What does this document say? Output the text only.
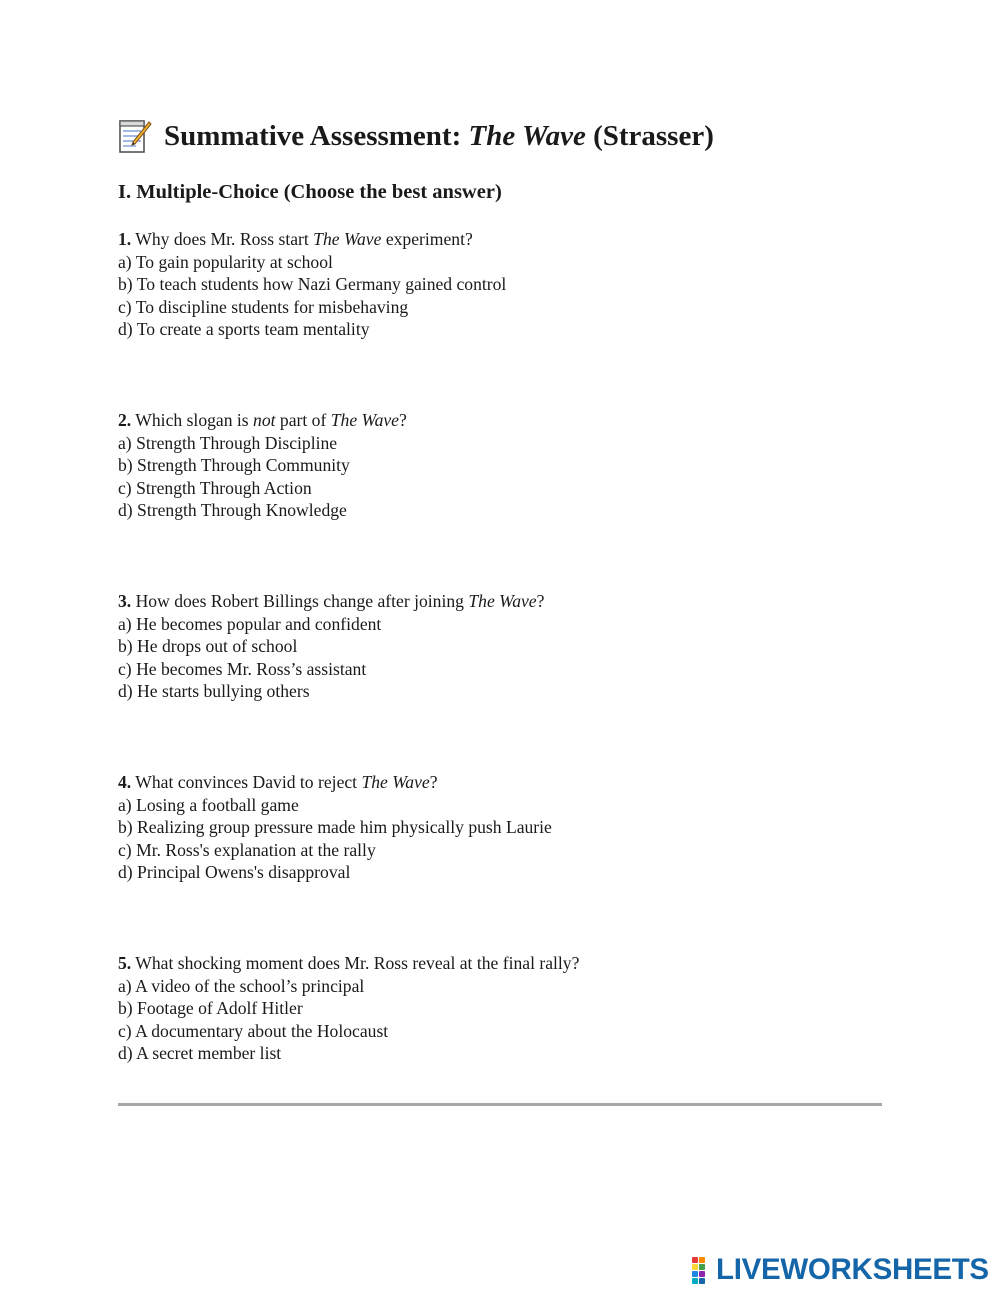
Summative Assessment: The Wave (Strasser)
I. Multiple-Choice (Choose the best answer)
1. Why does Mr. Ross start The Wave experiment?
a) To gain popularity at school
b) To teach students how Nazi Germany gained control
c) To discipline students for misbehaving
d) To create a sports team mentality
2. Which slogan is not part of The Wave?
a) Strength Through Discipline
b) Strength Through Community
c) Strength Through Action
d) Strength Through Knowledge
3. How does Robert Billings change after joining The Wave?
a) He becomes popular and confident
b) He drops out of school
c) He becomes Mr. Ross’s assistant
d) He starts bullying others
4. What convinces David to reject The Wave?
a) Losing a football game
b) Realizing group pressure made him physically push Laurie
c) Mr. Ross's explanation at the rally
d) Principal Owens's disapproval
5. What shocking moment does Mr. Ross reveal at the final rally?
a) A video of the school’s principal
b) Footage of Adolf Hitler
c) A documentary about the Holocaust
d) A secret member list
LIVEWORKSHEETS
